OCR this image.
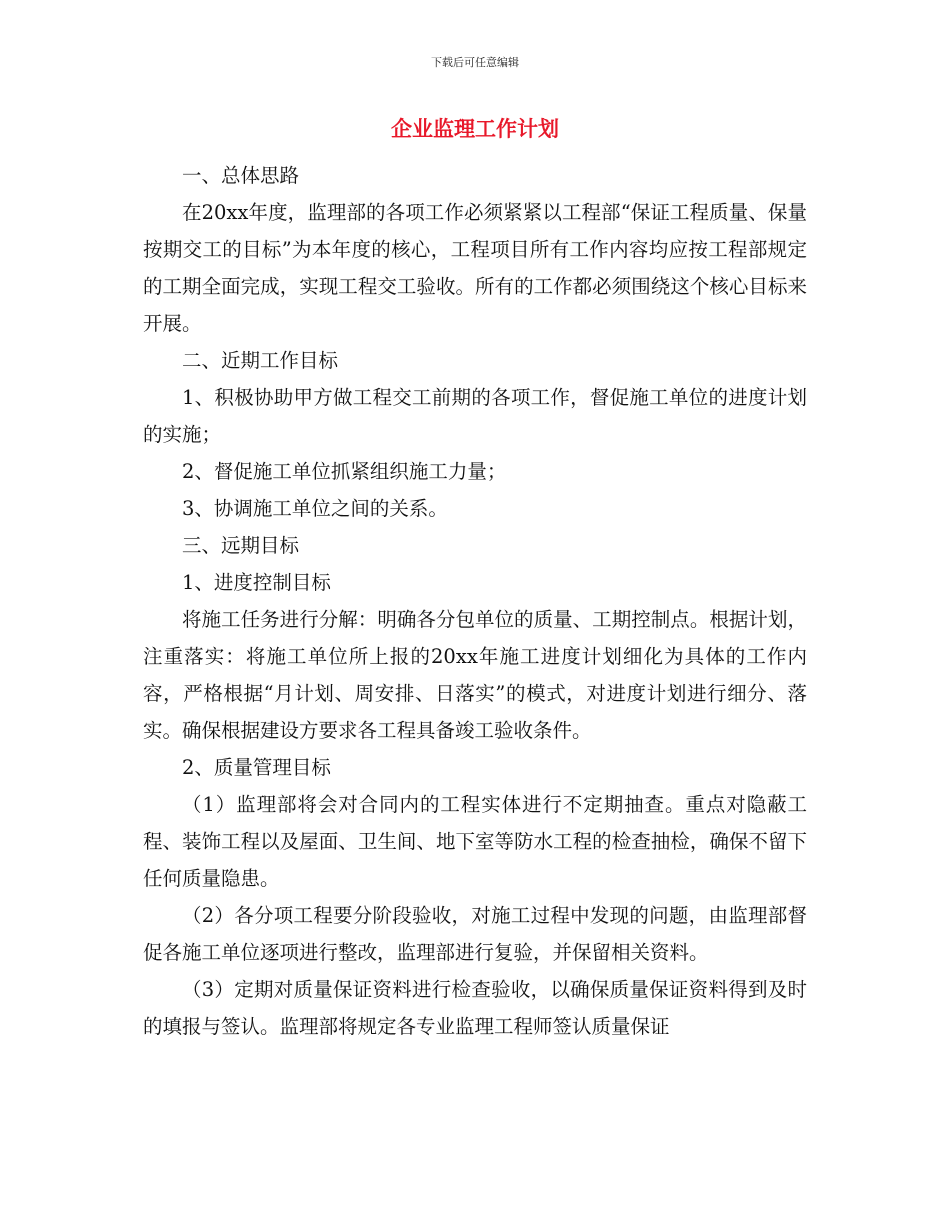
下载后可任意编辑
企业监理工作计划

一、总体思路

在20xx年度，监理部的各项工作必须紧紧以工程部“保证工程质量、保量按期交工的目标”为本年度的核心，工程项目所有工作内容均应按工程部规定的工期全面完成，实现工程交工验收。所有的工作都必须围绕这个核心目标来开展。

二、近期工作目标

1、积极协助甲方做工程交工前期的各项工作，督促施工单位的进度计划的实施；

2、督促施工单位抓紧组织施工力量；

3、协调施工单位之间的关系。

三、远期目标

1、进度控制目标

将施工任务进行分解：明确各分包单位的质量、工期控制点。根据计划，注重落实：将施工单位所上报的20xx年施工进度计划细化为具体的工作内容，严格根据“月计划、周安排、日落实”的模式，对进度计划进行细分、落实。确保根据建设方要求各工程具备竣工验收条件。

2、质量管理目标

（1）监理部将会对合同内的工程实体进行不定期抽查。重点对隐蔽工程、装饰工程以及屋面、卫生间、地下室等防水工程的检查抽检，确保不留下任何质量隐患。

（2）各分项工程要分阶段验收，对施工过程中发现的问题，由监理部督促各施工单位逐项进行整改，监理部进行复验，并保留相关资料。

（3）定期对质量保证资料进行检查验收，以确保质量保证资料得到及时的填报与签认。监理部将规定各专业监理工程师签认质量保证
